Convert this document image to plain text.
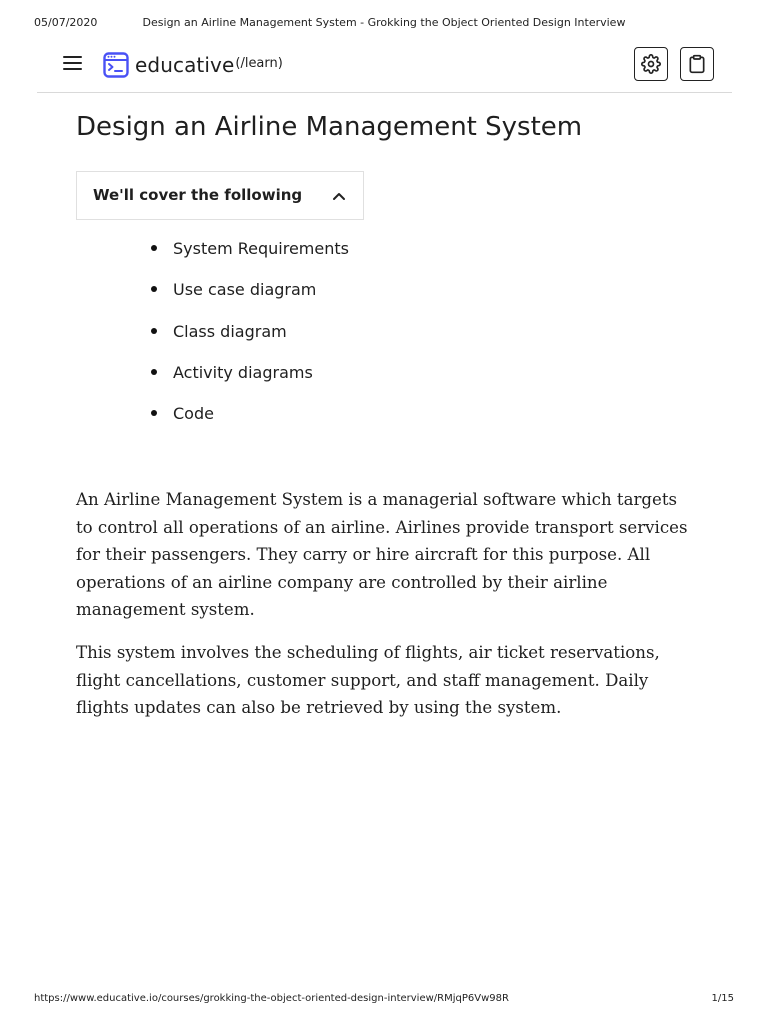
05/07/2020	Design an Airline Management System - Grokking the Object Oriented Design Interview
educative (/learn)
Design an Airline Management System
We'll cover the following
System Requirements
Use case diagram
Class diagram
Activity diagrams
Code

An Airline Management System is a managerial software which targets to control all operations of an airline. Airlines provide transport services for their passengers. They carry or hire aircraft for this purpose. All operations of an airline company are controlled by their airline management system.

This system involves the scheduling of flights, air ticket reservations, flight cancellations, customer support, and staff management. Daily flights updates can also be retrieved by using the system.

https://www.educative.io/courses/grokking-the-object-oriented-design-interview/RMjqP6Vw98R	1/15
